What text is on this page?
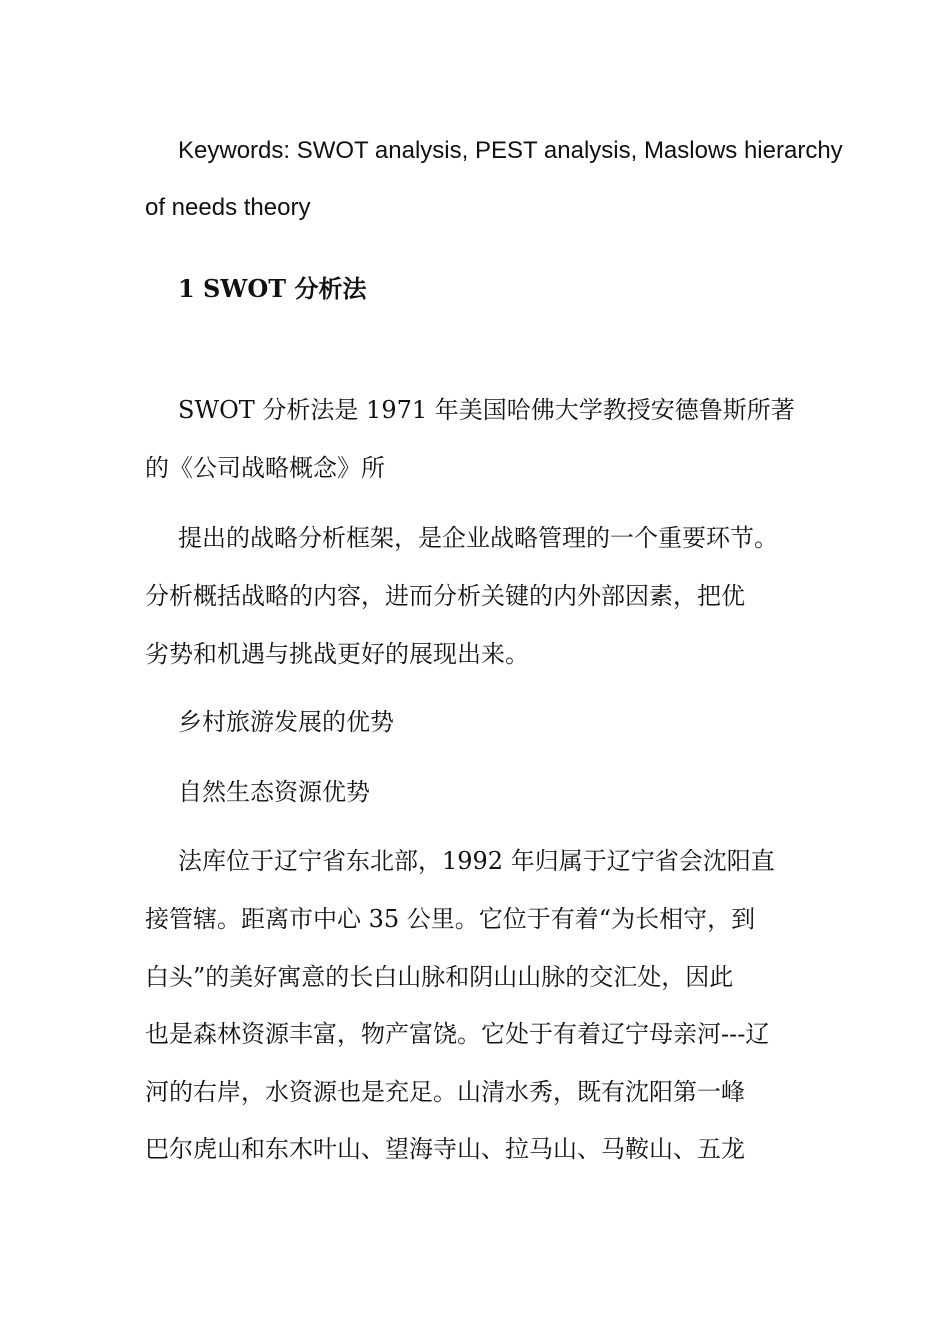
Keywords: SWOT analysis, PEST analysis, Maslows hierarchy
of needs theory
1 SWOT 分析法
SWOT 分析法是 1971 年美国哈佛大学教授安德鲁斯所著
的《公司战略概念》所
提出的战略分析框架，是企业战略管理的一个重要环节。
分析概括战略的内容，进而分析关键的内外部因素，把优
劣势和机遇与挑战更好的展现出来。
乡村旅游发展的优势
自然生态资源优势
法库位于辽宁省东北部，1992 年归属于辽宁省会沈阳直
接管辖。距离市中心 35 公里。它位于有着“为长相守，到
白头”的美好寓意的长白山脉和阴山山脉的交汇处，因此
也是森林资源丰富，物产富饶。它处于有着辽宁母亲河---辽
河的右岸，水资源也是充足。山清水秀，既有沈阳第一峰
巴尔虎山和东木叶山、望海寺山、拉马山、马鞍山、五龙
